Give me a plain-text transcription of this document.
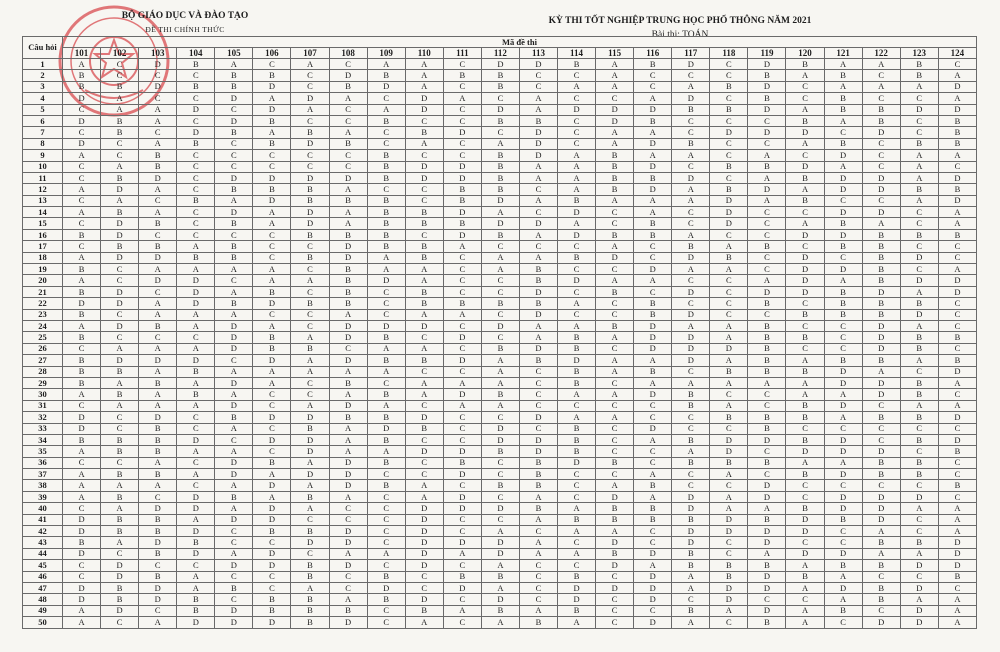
BỘ GIÁO DỤC VÀ ĐÀO TẠO
ĐỀ THI CHÍNH THỨC
KỲ THI TỐT NGHIỆP TRUNG HỌC PHỔ THÔNG NĂM 2021
Bài thi: TOÁN
Câu hỏi	Mã đề thi																							
	101	102	103	104	105	106	107	108	109	110	111	112	113	114	115	116	117	118	119	120	121	122	123	124
1	A	C	D	B	A	C	A	C	A	A	C	D	D	B	A	B	D	C	D	B	A	A	B	C
2	B	C	C	C	B	B	C	D	B	A	B	B	C	C	A	C	C	C	B	A	B	C	B	A
3	B	B	D	B	B	D	C	B	D	A	C	B	C	A	A	C	A	B	D	C	A	A	A	D
4	D	A	C	C	D	A	D	A	C	D	A	C	A	C	C	A	D	C	B	C	B	C	C	A
5	C	A	A	D	C	D	A	C	A	D	C	D	A	D	D	D	B	B	D	A	B	B	D	D
6	D	B	A	C	D	B	C	C	B	C	C	B	B	C	D	B	C	C	C	B	A	B	C	B
7	C	B	C	D	B	A	B	A	C	B	D	C	D	C	A	A	C	D	D	D	C	D	C	B
8	D	C	A	B	C	B	D	B	C	A	C	A	D	C	A	D	B	C	C	A	B	C	B	B
9	A	C	B	C	C	C	C	C	B	C	C	B	D	A	B	A	A	C	A	C	D	C	A	A
10	C	A	B	C	C	C	C	C	B	D	D	B	A	A	B	D	C	B	B	D	A	C	A	C
11	C	B	D	C	D	D	D	D	B	D	D	B	A	A	B	B	D	C	A	B	D	D	A	D
12	A	D	A	C	B	B	B	A	C	C	B	B	C	A	B	D	A	B	D	A	D	D	B	B
13	C	A	C	B	A	D	B	B	B	C	B	D	A	B	A	A	A	D	A	B	C	C	A	D
14	A	B	A	C	D	A	D	A	B	B	D	A	C	D	C	A	C	D	C	C	D	D	C	A
15	C	D	B	C	B	A	D	A	B	B	B	D	D	A	C	B	C	D	C	A	B	A	C	A
16	B	D	C	C	C	C	B	B	B	C	D	B	A	D	B	B	A	C	C	D	D	B	B	B
17	C	B	B	A	B	C	C	D	B	B	A	C	C	C	A	C	B	A	B	C	B	B	C	C
18	A	D	D	B	B	C	B	D	A	B	C	A	A	B	D	C	D	B	C	D	C	B	D	C
19	B	C	A	A	A	A	C	B	A	A	C	A	B	C	C	D	A	A	C	D	D	B	C	A
20	A	C	D	D	C	A	A	B	D	A	C	C	B	D	A	A	C	C	A	D	A	B	D	D
21	B	D	C	D	A	B	C	B	C	B	C	C	D	C	B	C	D	C	D	D	B	D	A	D
22	D	D	A	D	B	D	B	B	C	B	B	B	B	A	C	B	C	C	B	C	B	B	B	C
23	B	C	A	A	A	C	C	A	C	A	A	C	D	C	C	B	D	C	C	B	B	B	D	C
24	A	D	B	A	D	A	C	D	D	D	C	D	A	A	B	D	A	A	B	C	C	D	A	C
25	B	C	C	C	D	B	A	D	B	C	D	C	A	B	A	D	D	A	B	B	C	D	B	B
26	C	A	A	A	D	B	B	C	A	A	C	B	D	B	C	D	D	D	B	C	C	D	B	C
27	B	D	D	D	C	D	A	D	B	B	D	A	B	D	A	A	D	A	B	A	B	B	A	B
28	B	B	A	B	A	A	A	A	A	C	C	A	C	B	A	B	C	B	B	B	D	A	C	D
29	B	A	B	A	D	A	C	B	C	A	A	A	C	B	C	A	A	A	A	A	D	D	B	A
30	A	B	A	B	A	C	C	A	B	A	D	B	C	A	A	D	B	C	C	A	A	D	B	C
31	C	A	A	A	D	C	A	D	A	C	A	A	C	C	C	C	B	A	C	B	D	C	A	A
32	D	C	D	C	B	D	D	B	B	D	C	C	D	A	A	C	C	B	B	B	A	B	B	D
33	D	C	B	C	A	C	B	A	D	B	C	D	C	B	C	D	C	C	B	C	C	C	C	C
34	B	B	B	D	C	D	D	A	B	C	C	D	D	B	C	A	B	D	D	B	D	C	B	D
35	A	B	B	A	A	C	D	A	A	D	D	B	D	B	C	C	A	D	C	D	D	D	C	B
36	C	C	A	C	D	B	A	D	B	C	B	C	B	D	B	C	B	B	B	A	A	B	B	C
37	A	B	B	A	D	A	D	D	C	C	D	C	B	C	C	A	C	A	C	B	D	B	B	C
38	A	A	A	C	A	D	A	D	B	A	C	B	B	C	A	B	C	C	D	C	C	C	C	B
39	A	B	C	D	B	A	B	A	C	A	D	C	A	C	D	A	D	A	D	C	D	D	D	C
40	C	A	D	D	A	D	A	C	C	D	D	D	B	A	B	B	D	A	A	B	D	D	A	A
41	D	B	B	A	D	D	C	C	C	D	C	C	A	B	B	B	B	D	B	D	B	D	C	A
42	D	B	B	D	C	B	B	D	C	D	C	A	C	A	A	C	D	D	D	D	C	A	C	A
43	B	A	D	B	C	C	D	D	C	D	D	D	A	C	D	C	D	C	D	C	C	B	B	D
44	D	C	B	D	A	D	C	A	A	D	A	D	A	A	B	D	B	C	A	D	D	A	A	D
45	C	D	C	C	D	D	B	D	C	D	C	A	C	C	D	A	B	B	B	A	B	B	D	D
46	C	D	B	A	C	C	B	C	B	C	B	B	C	B	C	D	A	B	D	B	A	C	C	B
47	D	B	D	A	B	C	A	C	D	C	D	A	C	D	D	D	A	D	D	A	D	B	D	C
48	D	B	D	B	C	B	B	A	B	D	C	D	C	D	C	D	C	D	C	C	A	B	A	A
49	A	D	C	B	D	B	B	B	C	B	A	B	A	B	C	C	B	A	D	A	B	C	D	A
50	A	C	A	D	D	D	B	D	C	A	C	A	B	A	C	D	A	C	B	A	C	D	D	A
